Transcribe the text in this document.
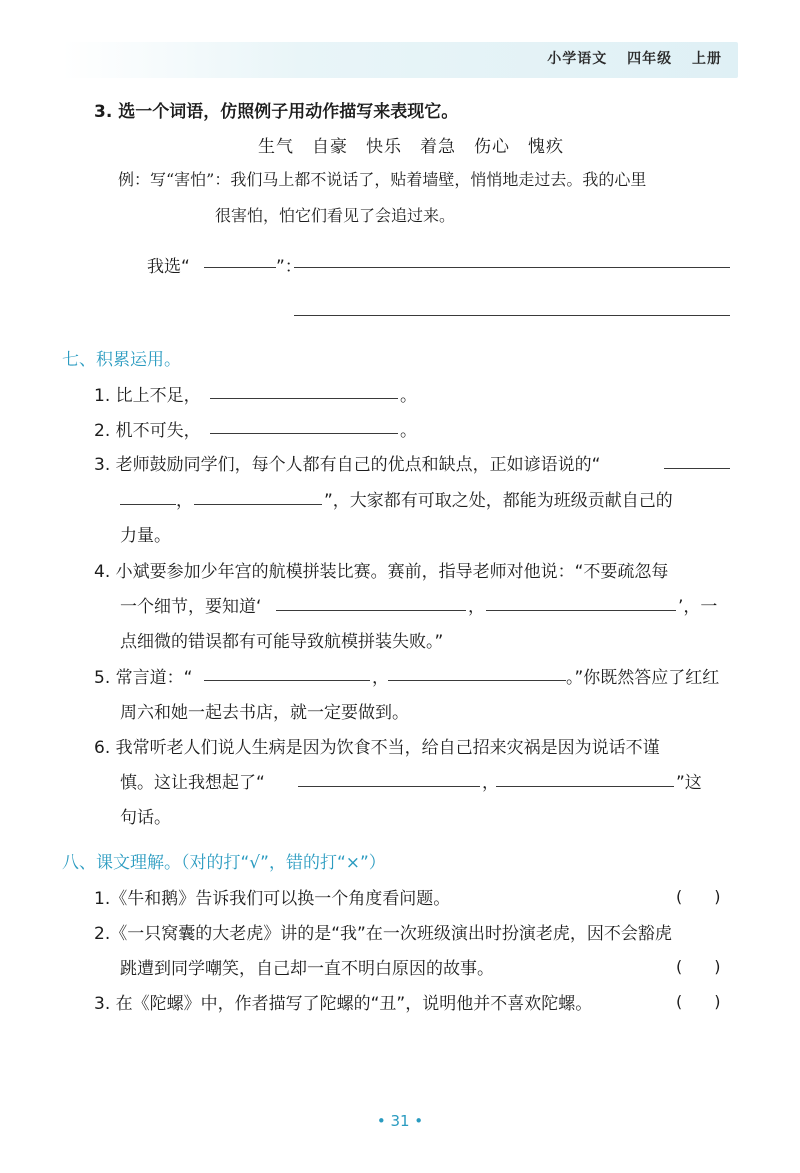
小学语文 四年级 上册
3. 选一个词语，仿照例子用动作描写来表现它。
生气　自豪　快乐　着急　伤心　愧疚
例：写“害怕”：我们马上都不说话了，贴着墙壁，悄悄地走过去。我的心里
很害怕，怕它们看见了会追过来。
我选“	”：
七、积累运用。
1. 比上不足，	。
2. 机不可失，	。
3. 老师鼓励同学们，每个人都有自己的优点和缺点，正如谚语说的“
，	”，大家都有可取之处，都能为班级贡献自己的
力量。
4. 小斌要参加少年宫的航模拼装比赛。赛前，指导老师对他说：“不要疏忽每
一个细节，要知道‘	，	’，一
点细微的错误都有可能导致航模拼装失败。”
5. 常言道：“	，	。”你既然答应了红红
周六和她一起去书店，就一定要做到。
6. 我常听老人们说人生病是因为饮食不当，给自己招来灾祸是因为说话不谨
慎。这让我想起了“	，	”这
句话。
八、课文理解。（对的打“√”，错的打“×”）
1.《牛和鹅》告诉我们可以换一个角度看问题。	(　　)
2.《一只窝囊的大老虎》讲的是“我”在一次班级演出时扮演老虎，因不会豁虎
跳遭到同学嘲笑，自己却一直不明白原因的故事。	(　　)
3. 在《陀螺》中，作者描写了陀螺的“丑”，说明他并不喜欢陀螺。	(　　)
• 31 •
